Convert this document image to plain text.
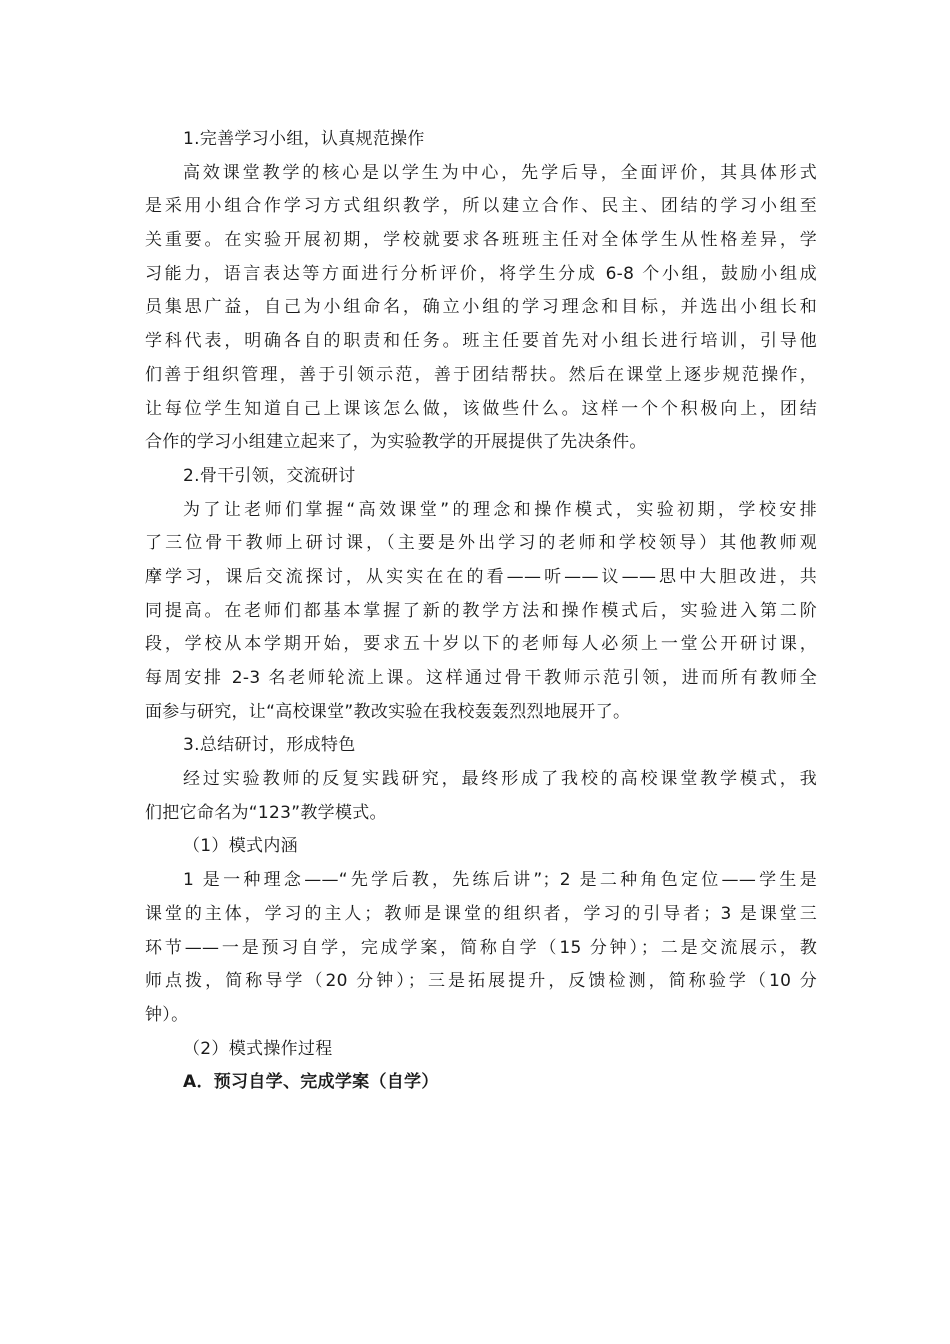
1.完善学习小组，认真规范操作
高效课堂教学的核心是以学生为中心，先学后导，全面评价，其具体形式
是采用小组合作学习方式组织教学，所以建立合作、民主、团结的学习小组至
关重要。在实验开展初期，学校就要求各班班主任对全体学生从性格差异，学
习能力，语言表达等方面进行分析评价，将学生分成 6-8 个小组，鼓励小组成
员集思广益，自己为小组命名，确立小组的学习理念和目标，并选出小组长和
学科代表，明确各自的职责和任务。班主任要首先对小组长进行培训，引导他
们善于组织管理，善于引领示范，善于团结帮扶。然后在课堂上逐步规范操作，
让每位学生知道自己上课该怎么做，该做些什么。这样一个个积极向上，团结
合作的学习小组建立起来了，为实验教学的开展提供了先决条件。
2.骨干引领，交流研讨
为了让老师们掌握“高效课堂”的理念和操作模式，实验初期，学校安排
了三位骨干教师上研讨课，（主要是外出学习的老师和学校领导）其他教师观
摩学习，课后交流探讨，从实实在在的看——听——议——思中大胆改进，共
同提高。在老师们都基本掌握了新的教学方法和操作模式后，实验进入第二阶
段，学校从本学期开始，要求五十岁以下的老师每人必须上一堂公开研讨课，
每周安排 2-3 名老师轮流上课。这样通过骨干教师示范引领，进而所有教师全
面参与研究，让“高校课堂”教改实验在我校轰轰烈烈地展开了。
3.总结研讨，形成特色
经过实验教师的反复实践研究，最终形成了我校的高校课堂教学模式，我
们把它命名为“123”教学模式。
（1）模式内涵
1 是一种理念——“先学后教，先练后讲”；2 是二种角色定位——学生是
课堂的主体，学习的主人；教师是课堂的组织者，学习的引导者；3 是课堂三
环节——一是预习自学，完成学案，简称自学（15 分钟）；二是交流展示，教
师点拨，简称导学（20 分钟）；三是拓展提升，反馈检测，简称验学（10 分
钟）。
（2）模式操作过程
A．预习自学、完成学案（自学）
